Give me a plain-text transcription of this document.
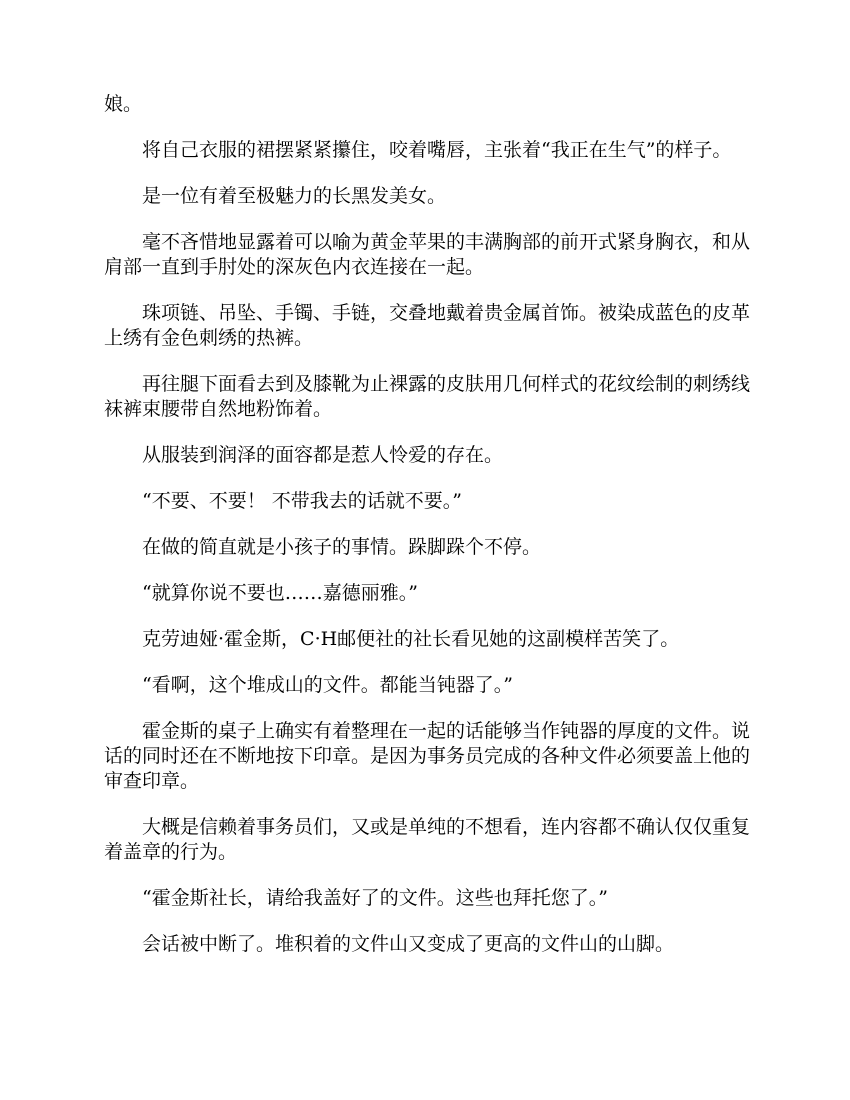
娘。

将自己衣服的裙摆紧紧攥住，咬着嘴唇，主张着“我正在生气”的样子。

是一位有着至极魅力的长黑发美女。

毫不吝惜地显露着可以喻为黄金苹果的丰满胸部的前开式紧身胸衣，和从肩部一直到手肘处的深灰色内衣连接在一起。

珠项链、吊坠、手镯、手链，交叠地戴着贵金属首饰。被染成蓝色的皮革上绣有金色刺绣的热裤。

再往腿下面看去到及膝靴为止裸露的皮肤用几何样式的花纹绘制的刺绣线袜裤束腰带自然地粉饰着。

从服装到润泽的面容都是惹人怜爱的存在。

“不要、不要！ 不带我去的话就不要。”

在做的简直就是小孩子的事情。跺脚跺个不停。

“就算你说不要也……嘉德丽雅。”

克劳迪娅·霍金斯，C·H邮便社的社长看见她的这副模样苦笑了。

“看啊，这个堆成山的文件。都能当钝器了。”

霍金斯的桌子上确实有着整理在一起的话能够当作钝器的厚度的文件。说话的同时还在不断地按下印章。是因为事务员完成的各种文件必须要盖上他的审查印章。

大概是信赖着事务员们，又或是单纯的不想看，连内容都不确认仅仅重复着盖章的行为。

“霍金斯社长，请给我盖好了的文件。这些也拜托您了。”

会话被中断了。堆积着的文件山又变成了更高的文件山的山脚。
